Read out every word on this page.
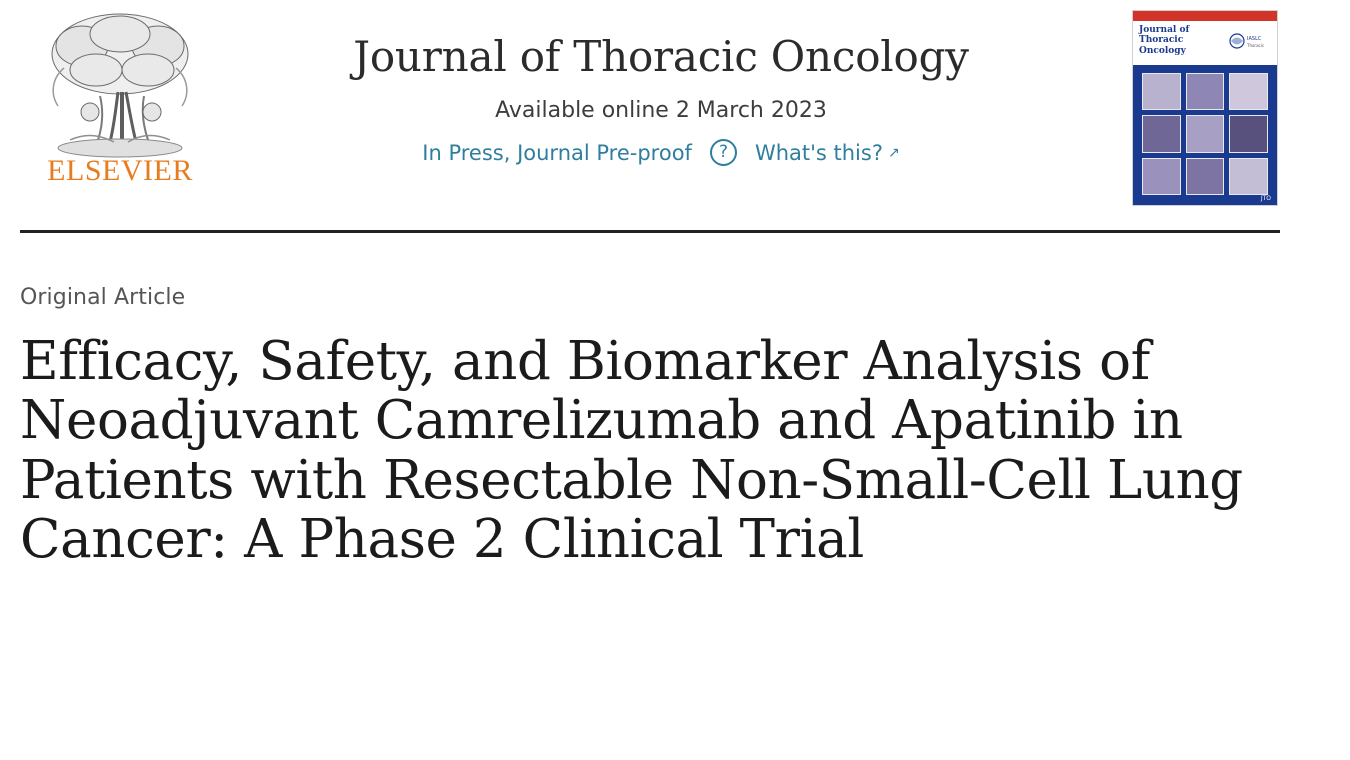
ELSEVIER
Journal of Thoracic Oncology
Available online 2 March 2023
In Press, Journal Pre-proof	?	What's this? ↗
Journal of Thoracic Oncology
IASLC
Thoracic
JTO
Original Article
Efficacy, Safety, and Biomarker Analysis of Neoadjuvant Camrelizumab and Apatinib in Patients with Resectable Non-Small-Cell Lung Cancer: A Phase 2 Clinical Trial
